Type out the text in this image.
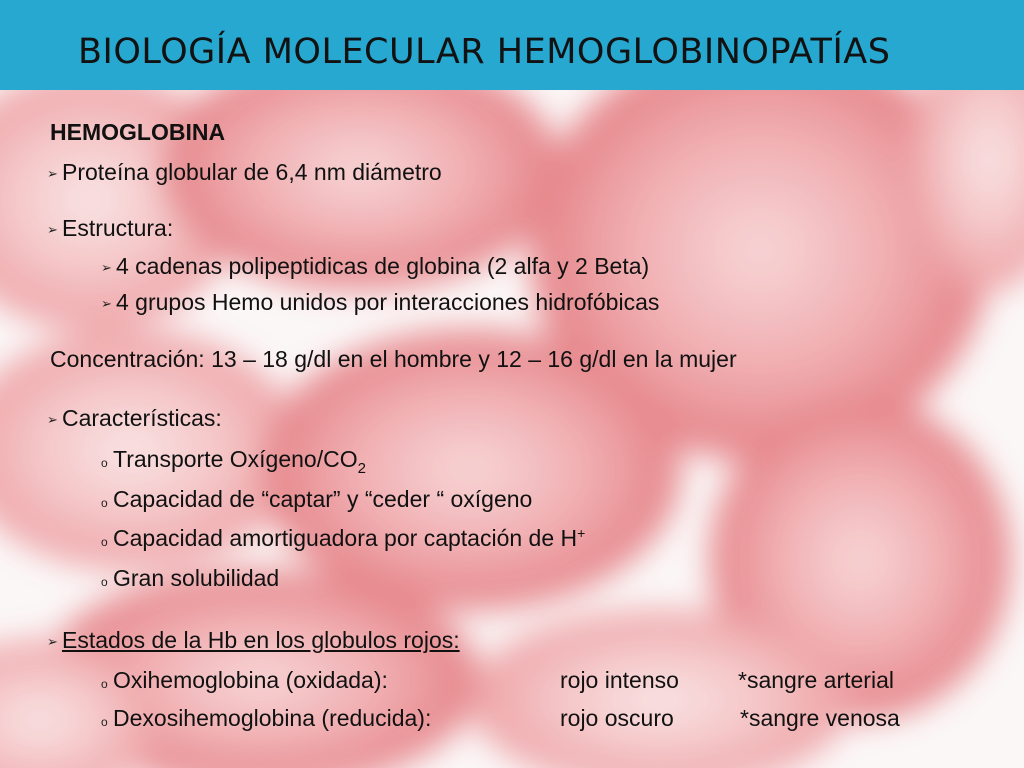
BIOLOGÍA MOLECULAR HEMOGLOBINOPATÍAS
HEMOGLOBINA
➢ Proteína globular de 6,4 nm diámetro
➢ Estructura:
➢ 4 cadenas polipeptidicas de globina (2 alfa y 2 Beta)
➢ 4 grupos Hemo unidos por interacciones hidrofóbicas
Concentración: 13 – 18 g/dl en el hombre y 12 – 16 g/dl en la mujer
➢ Características:
o Transporte Oxígeno/$CO_2$
o Capacidad de “captar” y “ceder “ oxígeno
o Capacidad amortiguadora por captación de H+
o Gran solubilidad
➢ Estados de la Hb en los globulos rojos:
o Oxihemoglobina (oxidada):	rojo intenso	*sangre arterial
o Dexosihemoglobina (reducida):	rojo oscuro	*sangre venosa
